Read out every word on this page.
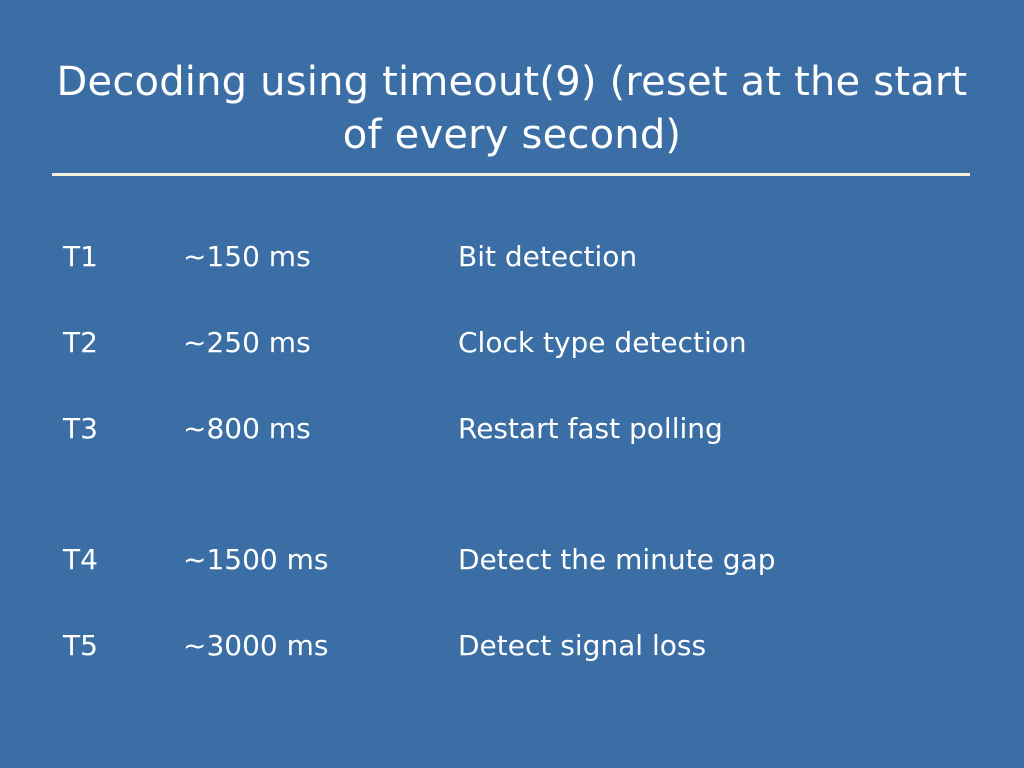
Decoding using timeout(9) (reset at the start of every second)
T1	~150 ms	Bit detection
T2	~250 ms	Clock type detection
T3	~800 ms	Restart fast polling
T4	~1500 ms	Detect the minute gap
T5	~3000 ms	Detect signal loss
